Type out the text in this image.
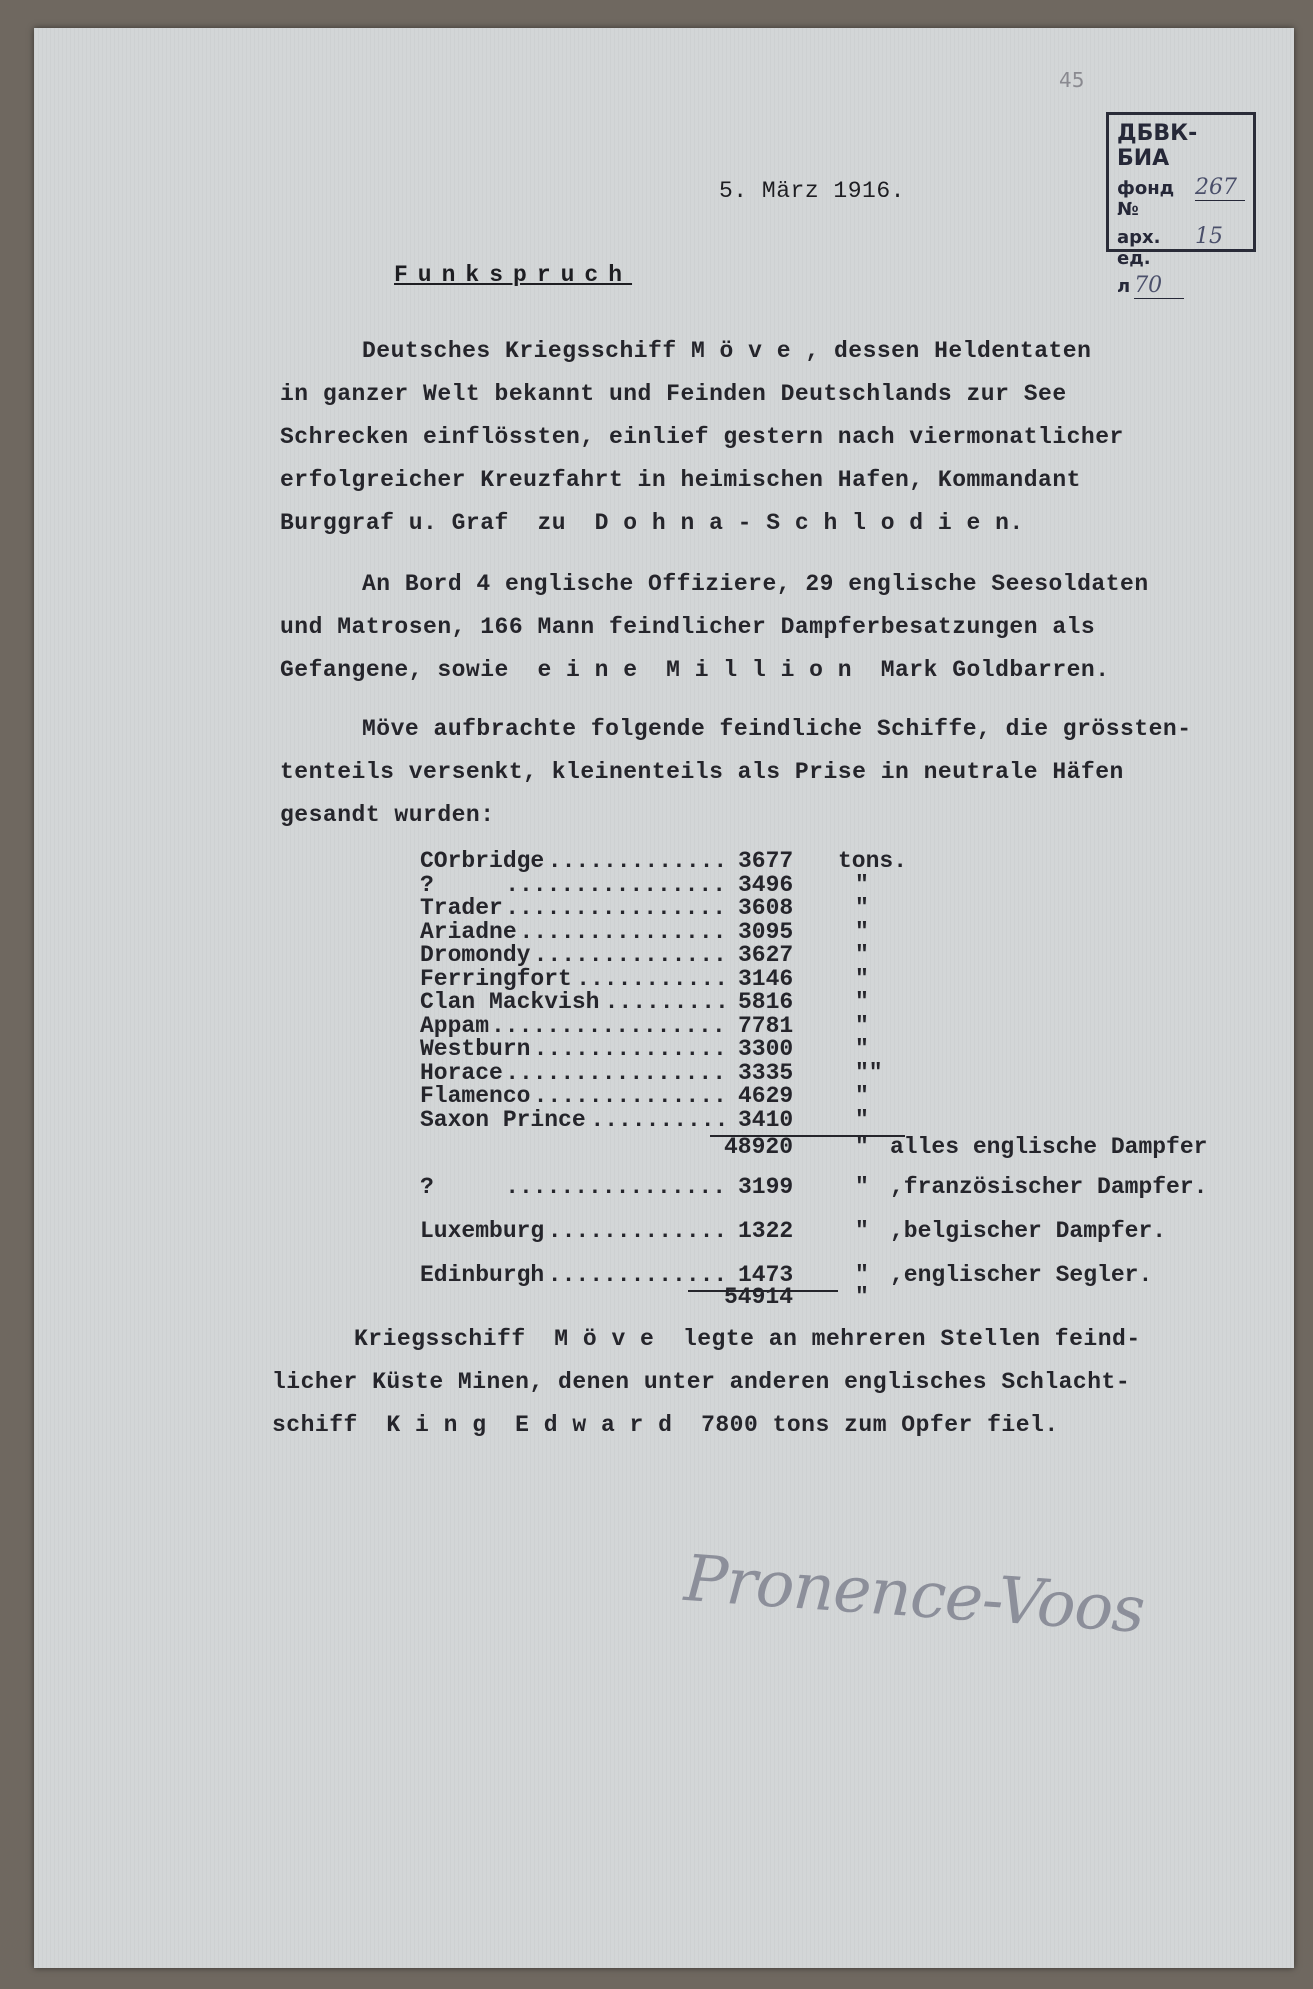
45
ДБВК-БИА
фонд №
267
арх. ед.
15
л 70
5. März 1916.
Funkspruch
Deutsches Kriegsschiff M ö v e , dessen Heldentaten
in ganzer Welt bekannt und Feinden Deutschlands zur See
Schrecken einflössten, einlief gestern nach viermonatlicher
erfolgreicher Kreuzfahrt in heimischen Hafen, Kommandant
Burggraf u. Graf  zu  D o h n a - S c h l o d i e n.
An Bord 4 englische Offiziere, 29 englische Seesoldaten
und Matrosen, 166 Mann feindlicher Dampferbesatzungen als
Gefangene, sowie  e i n e  M i l l i o n  Mark Goldbarren.
Möve aufbrachte folgende feindliche Schiffe, die grössten-
tenteils versenkt, kleinenteils als Prise in neutrale Häfen
gesandt wurden:
COrbridge ............. 3677 tons.
?	................ 3496	"
Trader ................ 3608	"
Ariadne ............... 3095	"
Dromondy .............. 3627	"
Ferringfort ........... 3146	"
Clan Mackvish ......... 5816	"
Appam ................. 7781	"
Westburn .............. 3300	"
Horace ................ 3335	""
Flamenco .............. 4629	"
Saxon Prince .......... 3410	"
48920	" alles englische Dampfer
?	................ 3199	" ,französischer Dampfer.
Luxemburg ............. 1322	" ,belgischer Dampfer.
Edinburgh ............. 1473	" ,englischer Segler.
54914	"
Kriegsschiff  M ö v e  legte an mehreren Stellen feind-
licher Küste Minen, denen unter anderen englisches Schlacht-
schiff  K i n g  E d w a r d  7800 tons zum Opfer fiel.
Pronence-Voos
